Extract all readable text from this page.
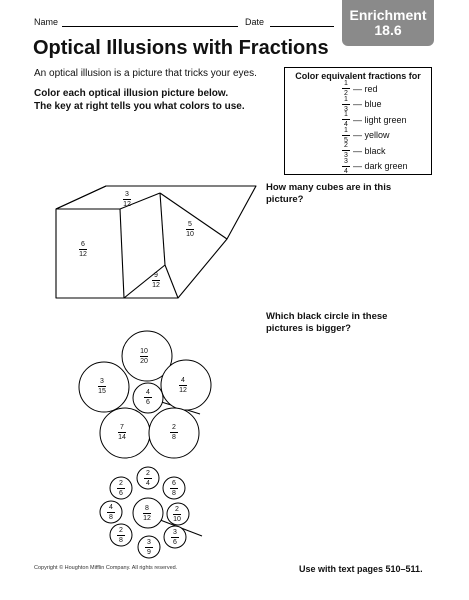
Name	Date	Enrichment
18.6
Optical Illusions with Fractions
An optical illusion is a picture that tricks your eyes.
Color each optical illusion picture below.
The key at right tells you what colors to use.
Color equivalent fractions for
$\frac{1}{2}$ — red
$\frac{1}{3}$ — blue
$\frac{1}{4}$ — light green
$\frac{1}{5}$ — yellow
$\frac{2}{3}$ — black
$\frac{3}{4}$ — dark green
How many cubes are in this
picture?
Which black circle in these
pictures is bigger?
3
12
6
12
5
10
9
12
10
20
3
15
4
12
4
6
7
14
2
8
2
4
2
6
6
8
4
8
8
12
2
10
2
8
3
6
3
9
Copyright © Houghton Mifflin Company. All rights reserved.	Use with text pages 510–511.
